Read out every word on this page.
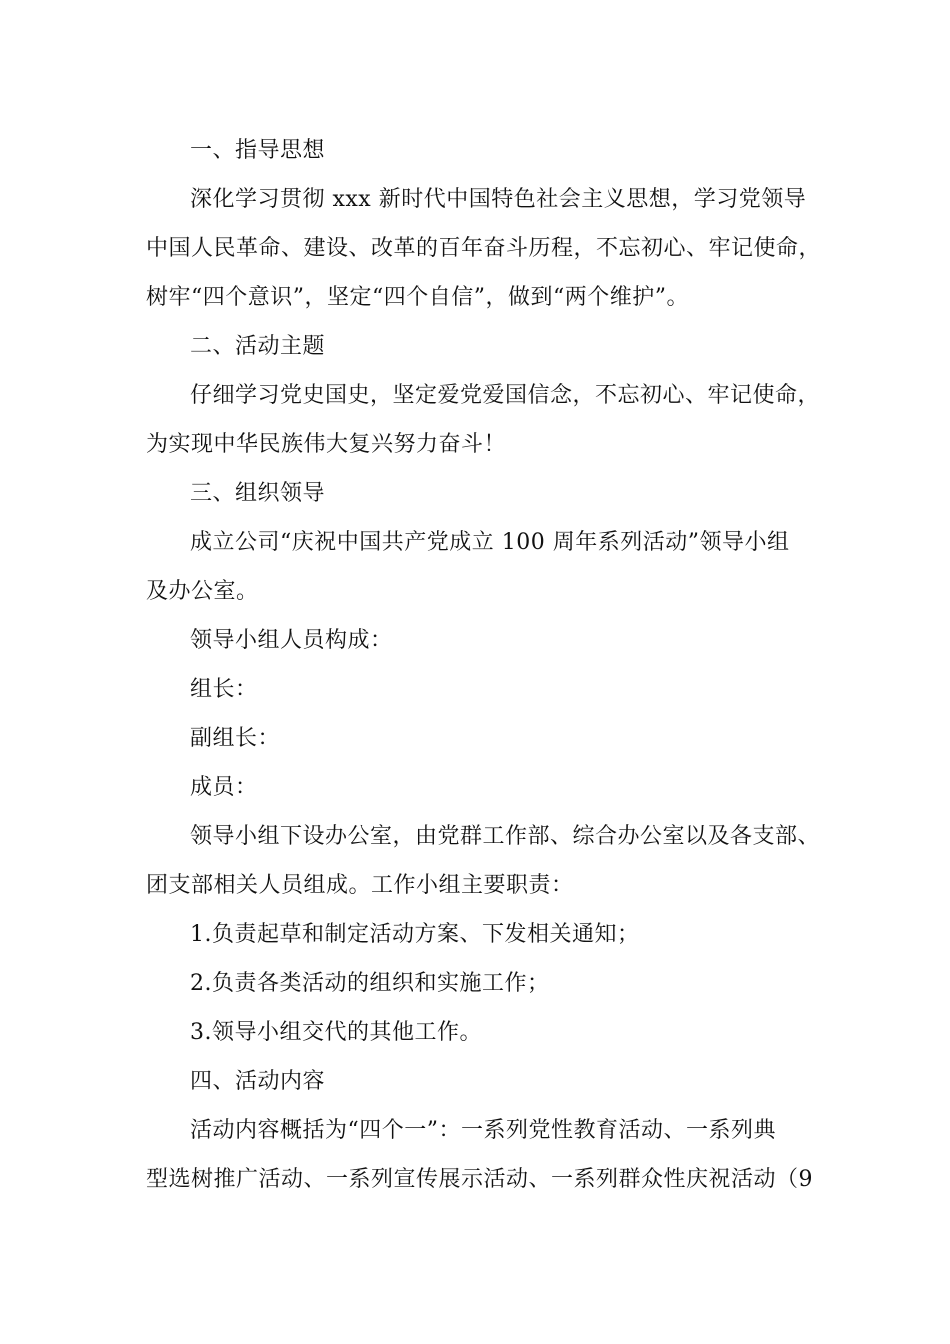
一、指导思想
深化学习贯彻 xxx 新时代中国特色社会主义思想，学习党领导
中国人民革命、建设、改革的百年奋斗历程，不忘初心、牢记使命，
树牢“四个意识”，坚定“四个自信”，做到“两个维护”。
二、活动主题
仔细学习党史国史，坚定爱党爱国信念，不忘初心、牢记使命，
为实现中华民族伟大复兴努力奋斗！
三、组织领导
成立公司“庆祝中国共产党成立 100 周年系列活动”领导小组
及办公室。
领导小组人员构成：
组长：
副组长：
成员：
领导小组下设办公室，由党群工作部、综合办公室以及各支部、
团支部相关人员组成。工作小组主要职责：
1.负责起草和制定活动方案、下发相关通知；
2.负责各类活动的组织和实施工作；
3.领导小组交代的其他工作。
四、活动内容
活动内容概括为“四个一”：一系列党性教育活动、一系列典
型选树推广活动、一系列宣传展示活动、一系列群众性庆祝活动（9
